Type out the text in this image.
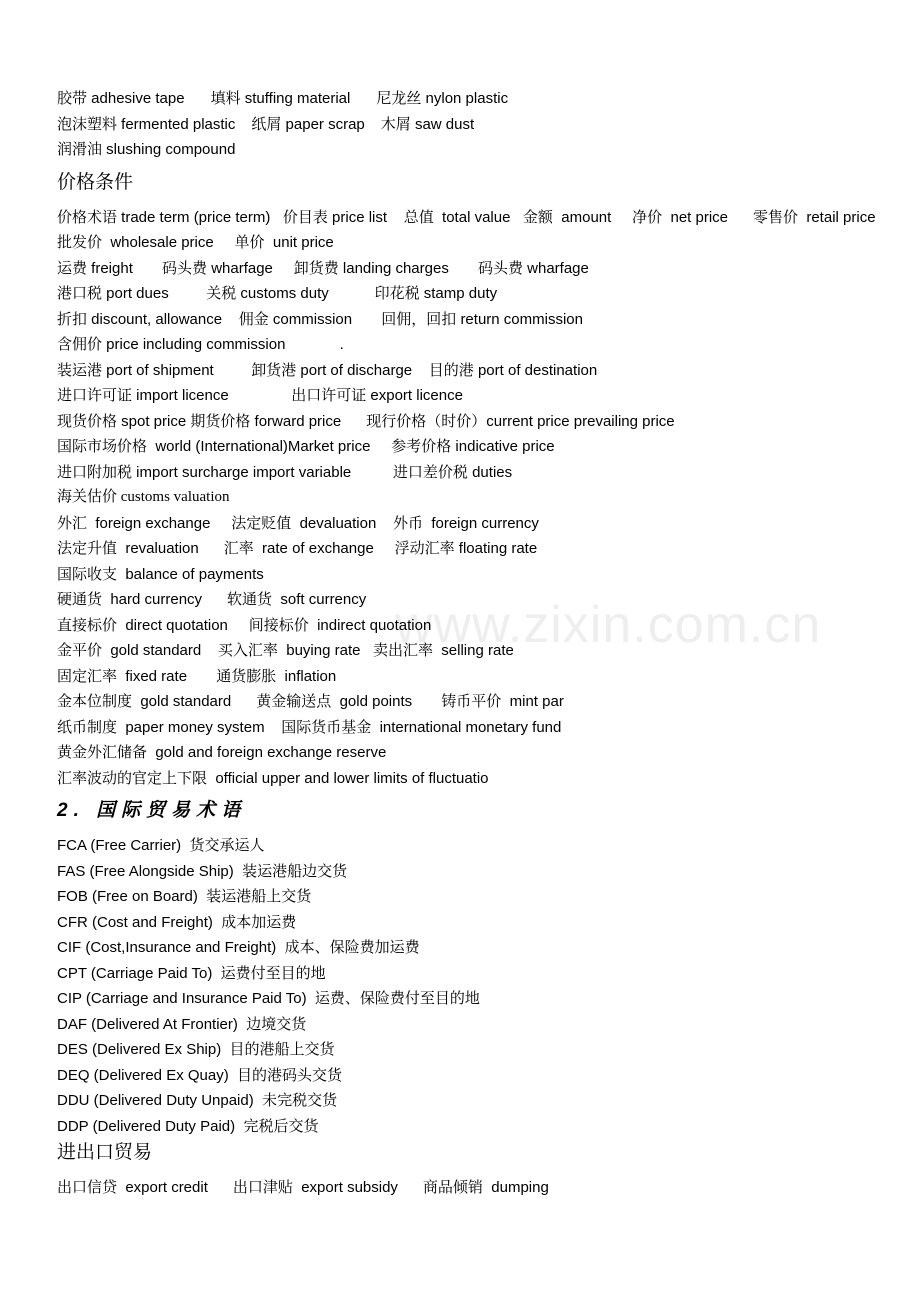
www.zixin.com.cn
胶带 adhesive tape 填料 stuffing material 尼龙丝 nylon plastic
泡沫塑料 fermented plastic 纸屑 paper scrap 木屑 saw dust
润滑油 slushing compound
价格条件
价格术语 trade term (price term)   价目表 price list    总值  total value   金额  amount     净价  net price      零售价  retail price     批发价  wholesale price     单价  unit price
运费 freight       码头费 wharfage     卸货费 landing charges       码头费 wharfage
港口税 port dues         关税 customs duty           印花税 stamp duty
折扣 discount, allowance    佣金 commission       回佣，回扣 return commission
含佣价 price including commission             .
装运港 port of shipment         卸货港 port of discharge    目的港 port of destination
进口许可证 import licence               出口许可证 export licence
现货价格 spot price 期货价格 forward price      现行价格（时价）current price prevailing price
国际市场价格  world (International)Market price     参考价格 indicative price
进口附加税 import surcharge import variable          进口差价税 duties
海关估价 customs valuation
外汇  foreign exchange     法定贬值  devaluation    外币  foreign currency
法定升值  revaluation      汇率  rate of exchange     浮动汇率 floating rate
国际收支  balance of payments
硬通货  hard currency      软通货  soft currency
直接标价  direct quotation     间接标价  indirect quotation
金平价  gold standard    买入汇率  buying rate   卖出汇率  selling rate
固定汇率  fixed rate       通货膨胀  inflation
金本位制度  gold standard      黄金输送点  gold points       铸币平价  mint par
纸币制度  paper money system    国际货币基金  international monetary fund
黄金外汇储备  gold and foreign exchange reserve
汇率波动的官定上下限  official upper and lower limits of fluctuatio
2. 国际贸易术语
FCA (Free Carrier)  货交承运人
FAS (Free Alongside Ship)  装运港船边交货
FOB (Free on Board)  装运港船上交货
CFR (Cost and Freight)  成本加运费
CIF (Cost,Insurance and Freight)  成本、保险费加运费
CPT (Carriage Paid To)  运费付至目的地
CIP (Carriage and Insurance Paid To)  运费、保险费付至目的地
DAF (Delivered At Frontier)  边境交货
DES (Delivered Ex Ship)  目的港船上交货
DEQ (Delivered Ex Quay)  目的港码头交货
DDU (Delivered Duty Unpaid)  未完税交货
DDP (Delivered Duty Paid)  完税后交货
进出口贸易
出口信贷  export credit      出口津贴  export subsidy      商品倾销  dumping
